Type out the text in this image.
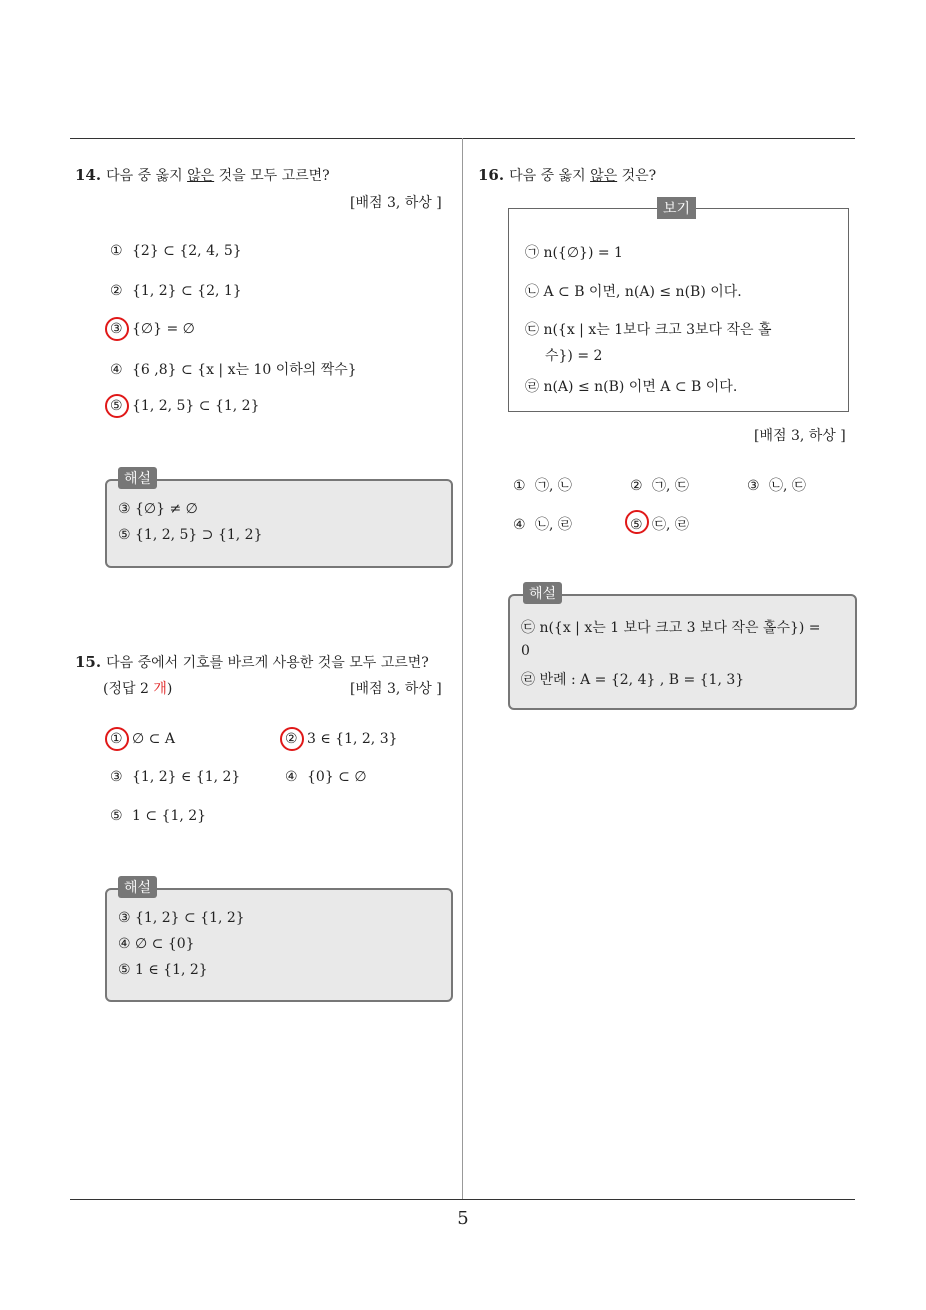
14. 다음 중 옳지 않은 것을 모두 고르면?
[배점 3, 하상 ]
① {2} ⊂ {2, 4, 5}
② {1, 2} ⊂ {2, 1}
③ {∅} = ∅
④ {6 ,8} ⊂ {x | x는 10 이하의 짝수}
⑤ {1, 2, 5} ⊂ {1, 2}
해설
③ {∅} ≠ ∅
⑤ {1, 2, 5} ⊃ {1, 2}
15. 다음 중에서 기호를 바르게 사용한 것을 모두 고르면?
(정답 2 개)	[배점 3, 하상 ]
① ∅ ⊂ A	② 3 ∈ {1, 2, 3}
③ {1, 2} ∈ {1, 2}	④ {0} ⊂ ∅
⑤ 1 ⊂ {1, 2}
해설
③ {1, 2} ⊂ {1, 2}
④ ∅ ⊂ {0}
⑤ 1 ∈ {1, 2}
16. 다음 중 옳지 않은 것은?
보기
㉠ n({∅}) = 1
㉡ A ⊂ B 이면, n(A) ≤ n(B) 이다.
㉢ n({x | x는 1보다 크고 3보다 작은 홀
수}) = 2
㉣ n(A) ≤ n(B) 이면 A ⊂ B 이다.
[배점 3, 하상 ]
① ㉠, ㉡	② ㉠, ㉢	③ ㉡, ㉢
④ ㉡, ㉣	⑤ ㉢, ㉣
해설
㉢ n({x | x는 1 보다 크고 3 보다 작은 홀수}) =
0
㉣ 반례 : A = {2, 4} , B = {1, 3}
5
